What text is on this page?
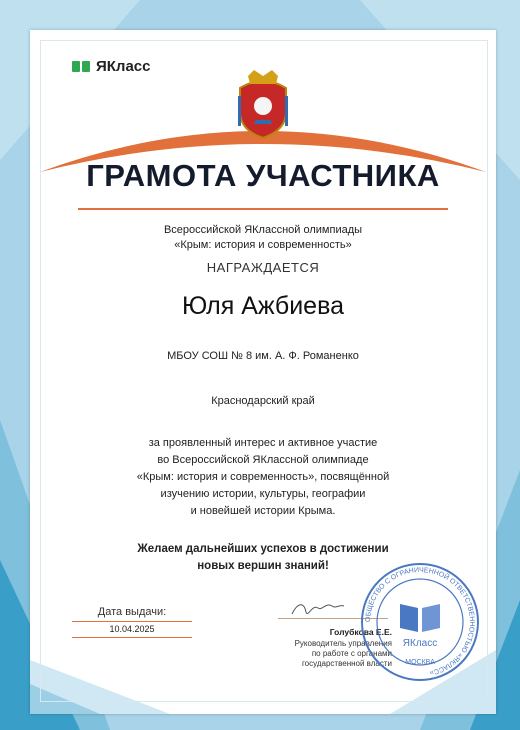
ЯКласс
ГРАМОТА УЧАСТНИКА
Всероссийской ЯКлассной олимпиады
«Крым: история и современность»
НАГРАЖДАЕТСЯ
Юля Ажбиева
МБОУ СОШ № 8 им. А. Ф. Романенко
Краснодарский край
за проявленный интерес и активное участие
во Всероссийской ЯКлассной олимпиаде
«Крым: история и современность», посвящённой
изучению истории, культуры, географии
и новейшей истории Крыма.
Желаем дальнейших успехов в достижении
новых вершин знаний!
Дата выдачи:
10.04.2025	Голубкова Е.Е.
Руководитель управления
по работе с органами
государственной власти
ОБЩЕСТВО С ОГРАНИЧЕННОЙ ОТВЕТСТВЕННОСТЬЮ «ЯКЛАСС»
ЯКласс
МОСКВА
